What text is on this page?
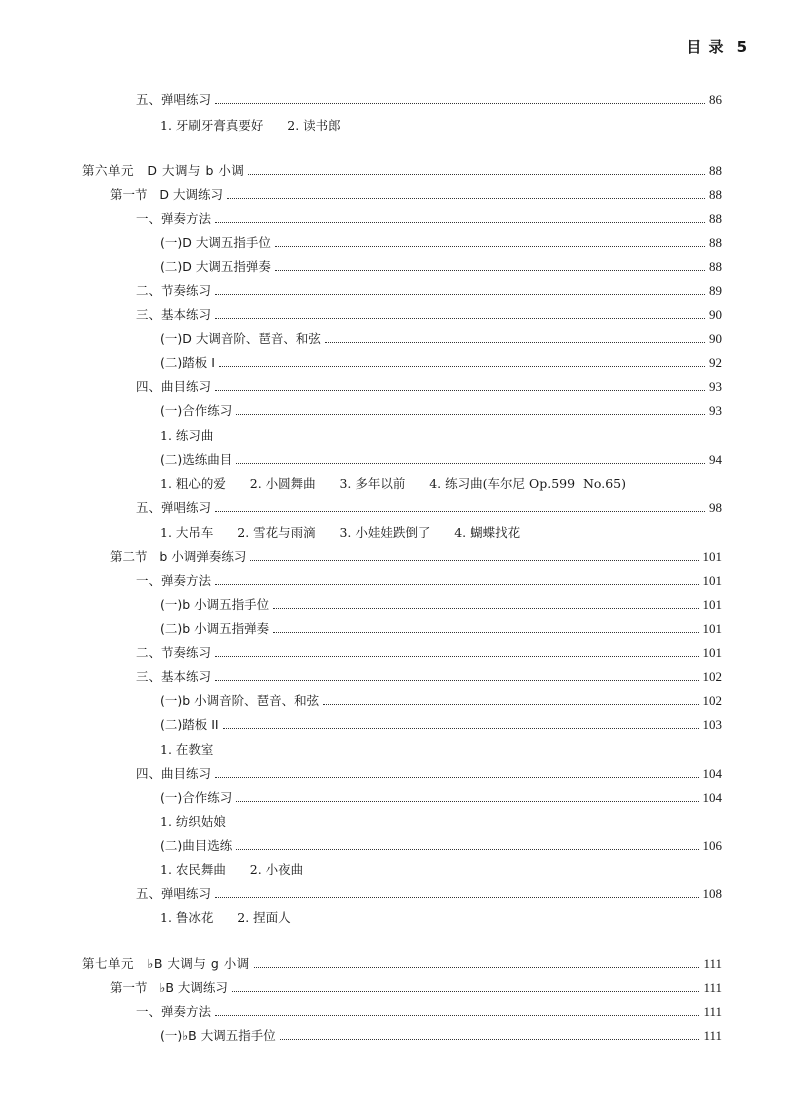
目 录 5
五、弹唱练习	86
1. 牙刷牙膏真要好      2. 读书郎
第六单元   D 大调与 b 小调	88
第一节   D 大调练习	88
一、弹奏方法	88
(一)D 大调五指手位	88
(二)D 大调五指弹奏	88
二、节奏练习	89
三、基本练习	90
(一)D 大调音阶、琶音、和弦	90
(二)踏板 I	92
四、曲目练习	93
(一)合作练习	93
1. 练习曲
(二)选练曲目	94
1. 粗心的爱      2. 小圆舞曲      3. 多年以前      4. 练习曲(车尔尼 Op.599  No.65)
五、弹唱练习	98
1. 大吊车      2. 雪花与雨滴      3. 小娃娃跌倒了      4. 蝴蝶找花
第二节   b 小调弹奏练习	101
一、弹奏方法	101
(一)b 小调五指手位	101
(二)b 小调五指弹奏	101
二、节奏练习	101
三、基本练习	102
(一)b 小调音阶、琶音、和弦	102
(二)踏板 II	103
1. 在教室
四、曲目练习	104
(一)合作练习	104
1. 纺织姑娘
(二)曲目选练	106
1. 农民舞曲      2. 小夜曲
五、弹唱练习	108
1. 鲁冰花      2. 捏面人
第七单元   ♭B 大调与 g 小调	111
第一节   ♭B 大调练习	111
一、弹奏方法	111
(一)♭B 大调五指手位	111
